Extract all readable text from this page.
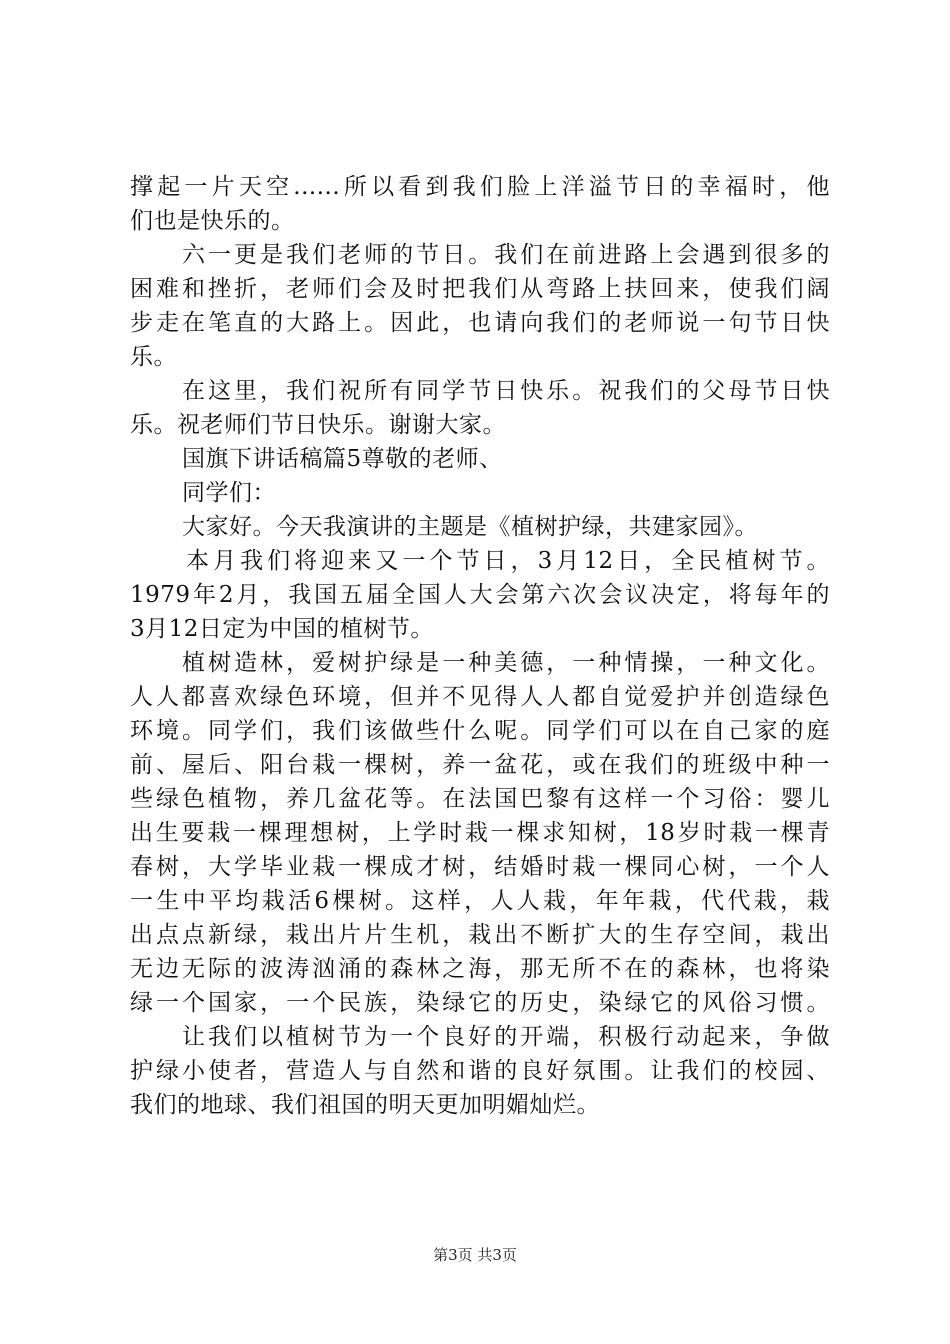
撑起一片天空......所以看到我们脸上洋溢节日的幸福时，他
们也是快乐的。
六一更是我们老师的节日。我们在前进路上会遇到很多的
困难和挫折，老师们会及时把我们从弯路上扶回来，使我们阔
步走在笔直的大路上。因此，也请向我们的老师说一句节日快
乐。
在这里，我们祝所有同学节日快乐。祝我们的父母节日快
乐。祝老师们节日快乐。谢谢大家。
国旗下讲话稿篇5尊敬的老师、
同学们：
大家好。今天我演讲的主题是《植树护绿，共建家园》。
本月我们将迎来又一个节日，3月12日，全民植树节。
1979年2月，我国五届全国人大会第六次会议决定，将每年的
3月12日定为中国的植树节。
植树造林，爱树护绿是一种美德，一种情操，一种文化。
人人都喜欢绿色环境，但并不见得人人都自觉爱护并创造绿色
环境。同学们，我们该做些什么呢。同学们可以在自己家的庭
前、屋后、阳台栽一棵树，养一盆花，或在我们的班级中种一
些绿色植物，养几盆花等。在法国巴黎有这样一个习俗：婴儿
出生要栽一棵理想树，上学时栽一棵求知树，18岁时栽一棵青
春树，大学毕业栽一棵成才树，结婚时栽一棵同心树，一个人
一生中平均栽活6棵树。这样，人人栽，年年栽，代代栽，栽
出点点新绿，栽出片片生机，栽出不断扩大的生存空间，栽出
无边无际的波涛汹涌的森林之海，那无所不在的森林，也将染
绿一个国家，一个民族，染绿它的历史，染绿它的风俗习惯。
让我们以植树节为一个良好的开端，积极行动起来，争做
护绿小使者，营造人与自然和谐的良好氛围。让我们的校园、
我们的地球、我们祖国的明天更加明媚灿烂。
第3页 共3页
